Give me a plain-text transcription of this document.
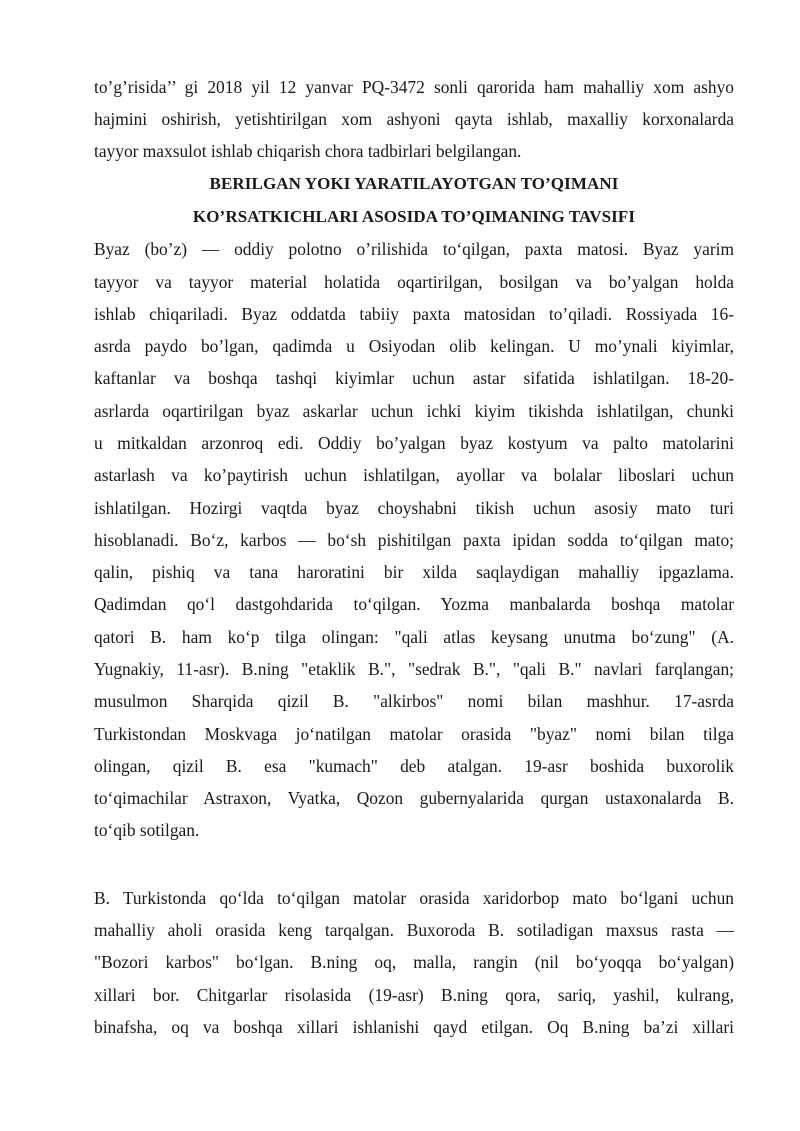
to’g’risida’’ gi 2018 yil 12 yanvar PQ-3472 sonli qarorida ham mahalliy xom ashyo
hajmini oshirish, yetishtirilgan xom ashyoni qayta ishlab, maxalliy korxonalarda
tayyor maxsulot ishlab chiqarish chora tadbirlari belgilangan.
BERILGAN YOKI YARATILAYOTGAN TO’QIMANI
KO’RSATKICHLARI ASOSIDA TO’QIMANING TAVSIFI
Byaz (bo’z) — oddiy polotno o’rilishida to‘qilgan, paxta matosi. Byaz yarim
tayyor va tayyor material holatida oqartirilgan, bosilgan va bo’yalgan holda
ishlab chiqariladi. Byaz oddatda tabiiy paxta matosidan to’qiladi. Rossiyada 16-
asrda paydo bo’lgan, qadimda u Osiyodan olib kelingan. U mo’ynali kiyimlar,
kaftanlar va boshqa tashqi kiyimlar uchun astar sifatida ishlatilgan. 18-20-
asrlarda oqartirilgan byaz askarlar uchun ichki kiyim tikishda ishlatilgan, chunki
u mitkaldan arzonroq edi. Oddiy bo’yalgan byaz kostyum va palto matolarini
astarlash va ko’paytirish uchun ishlatilgan, ayollar va bolalar liboslari uchun
ishlatilgan. Hozirgi vaqtda byaz choyshabni tikish uchun asosiy mato turi
hisoblanadi. Bo‘z, karbos — bo‘sh pishitilgan paxta ipidan sodda to‘qilgan mato;
qalin, pishiq va tana haroratini bir xilda saqlaydigan mahalliy ipgazlama.
Qadimdan qo‘l dastgohdarida to‘qilgan. Yozma manbalarda boshqa matolar
qatori B. ham ko‘p tilga olingan: "qali atlas keysang unutma bo‘zung" (A.
Yugnakiy, 11-asr). B.ning "etaklik B.", "sedrak B.", "qali B." navlari farqlangan;
musulmon Sharqida qizil B. "alkirbos" nomi bilan mashhur. 17-asrda
Turkistondan Moskvaga jo‘natilgan matolar orasida "byaz" nomi bilan tilga
olingan, qizil B. esa "kumach" deb atalgan. 19-asr boshida buxorolik
to‘qimachilar Astraxon, Vyatka, Qozon gubernyalarida qurgan ustaxonalarda B.
to‘qib sotilgan.
B. Turkistonda qo‘lda to‘qilgan matolar orasida xaridorbop mato bo‘lgani uchun
mahalliy aholi orasida keng tarqalgan. Buxoroda B. sotiladigan maxsus rasta —
"Bozori karbos" bo‘lgan. B.ning oq, malla, rangin (nil bo‘yoqqa bo‘yalgan)
xillari bor. Chitgarlar risolasida (19-asr) B.ning qora, sariq, yashil, kulrang,
binafsha, oq va boshqa xillari ishlanishi qayd etilgan. Oq B.ning ba’zi xillari
